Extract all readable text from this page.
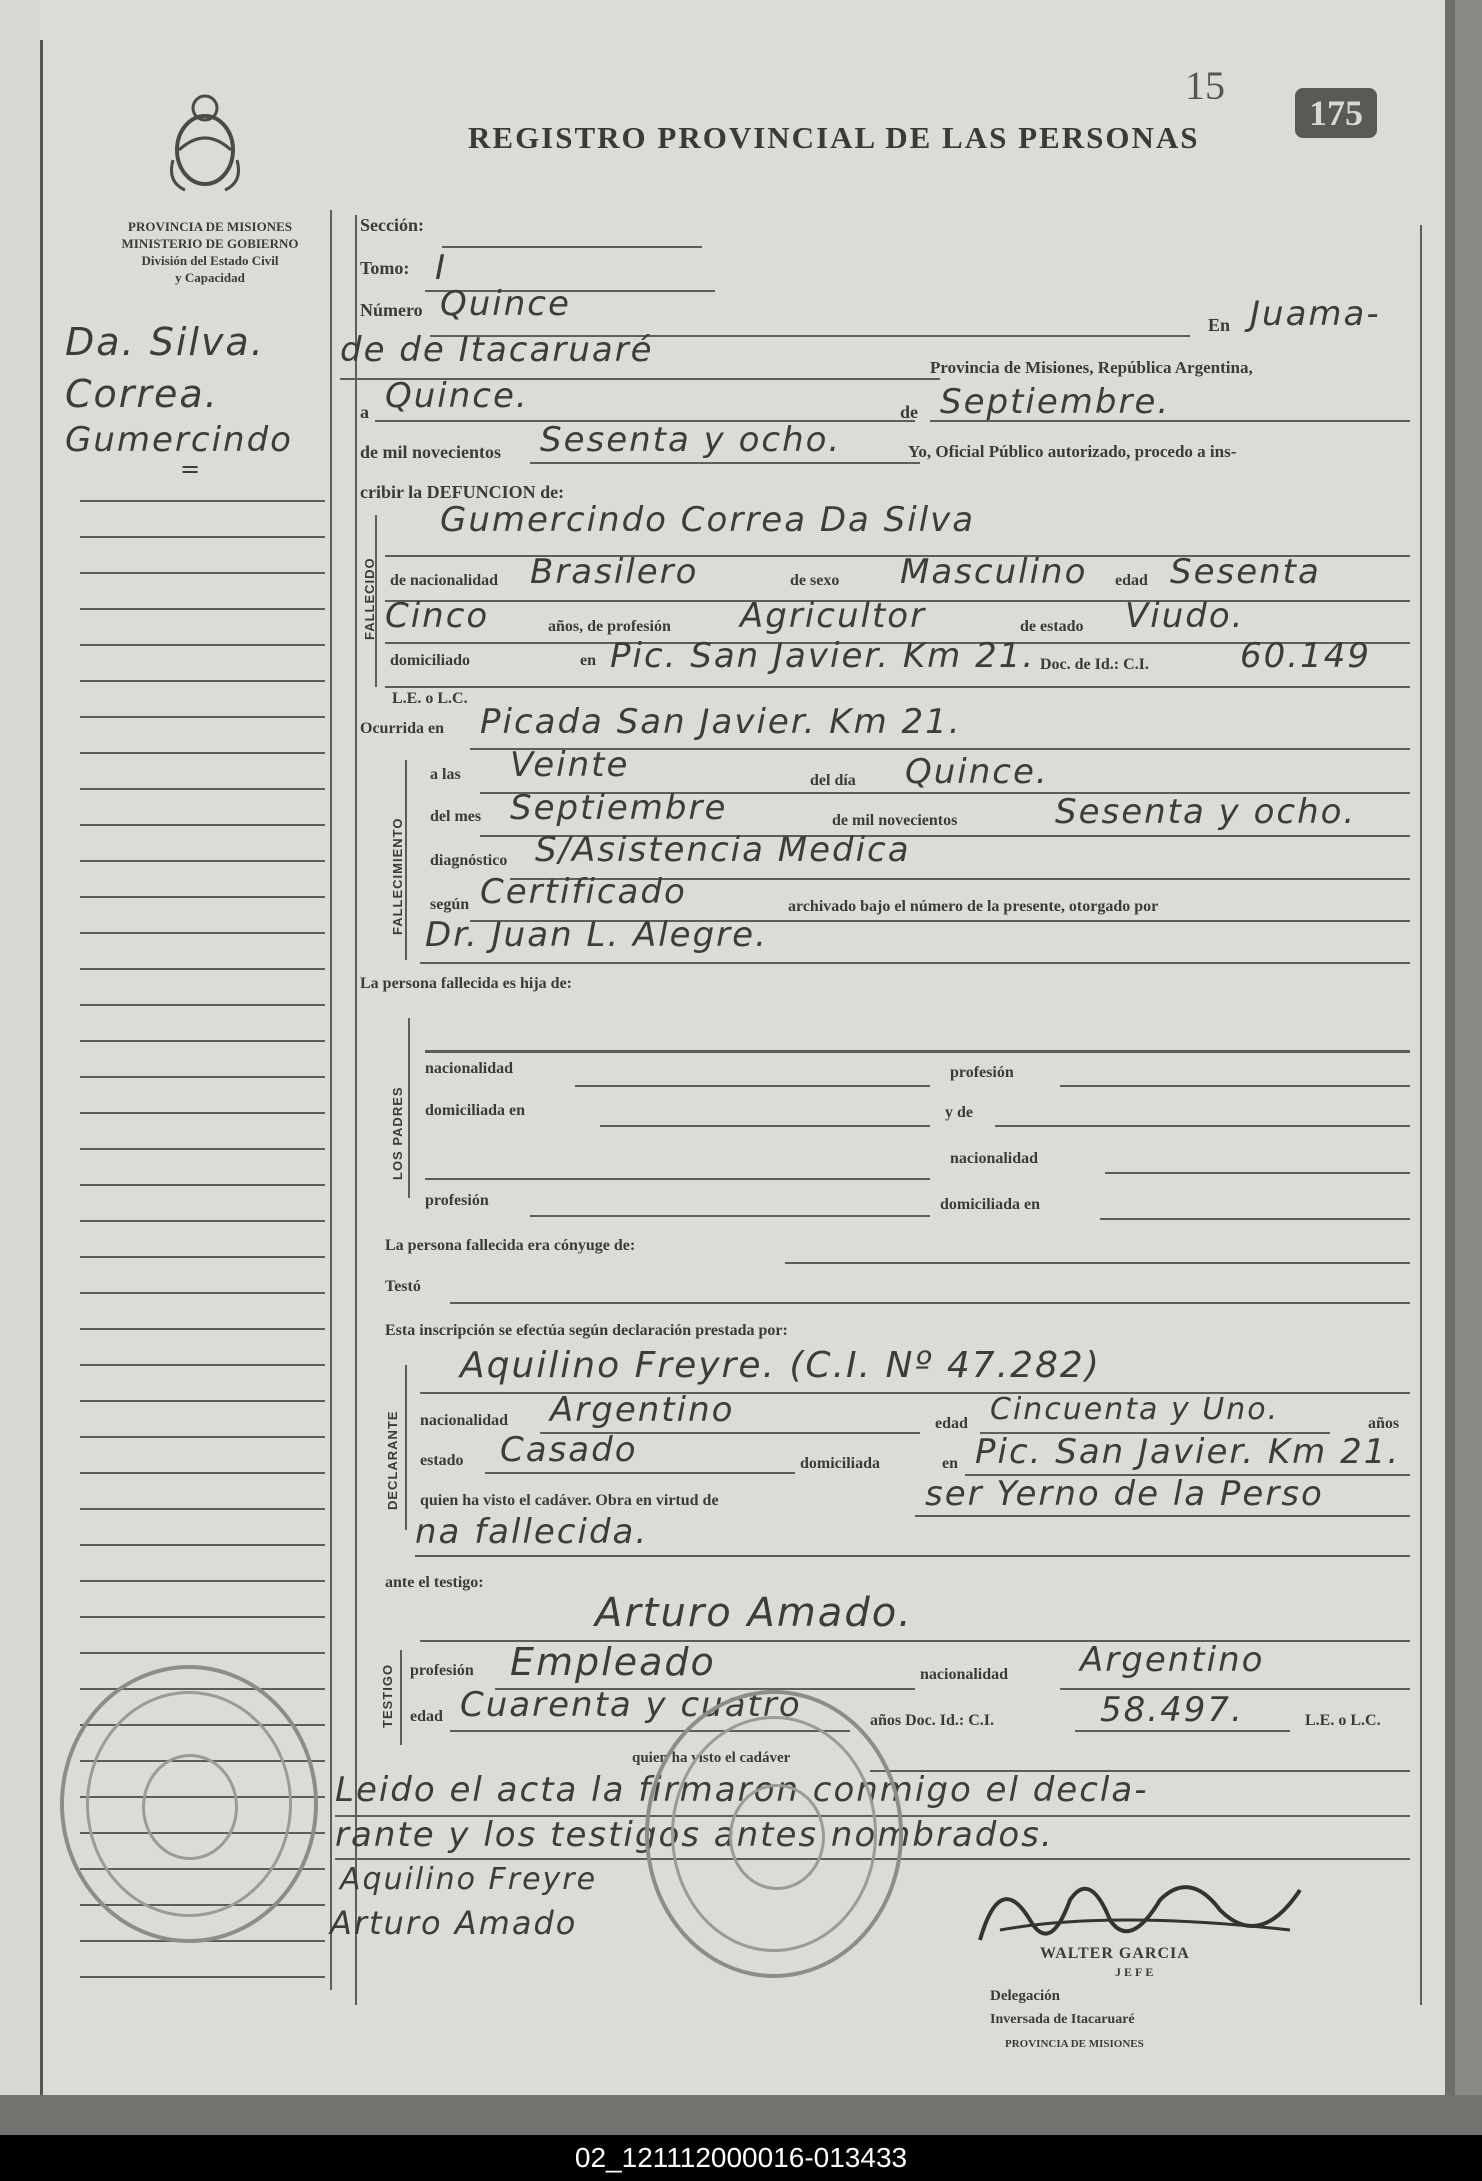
PROVINCIA DE MISIONES
MINISTERIO DE GOBIERNO
División del Estado Civil
y Capacidad
15
175
REGISTRO PROVINCIAL DE LAS PERSONAS
Da. Silva.
Correa.
Gumercindo
=
Sección:
Tomo: I
Número Quince
En Juama-
de de Itacaruaré	Provincia de Misiones, República Argentina,
a Quince.	de Septiembre.
de mil novecientos Sesenta y ocho.	Yo, Oficial Público autorizado, procedo a ins-
cribir la DEFUNCION de:
FALLECIDO
Gumercindo Correa Da Silva
de nacionalidad Brasilero	de sexo Masculino edad Sesenta
Cinco	años, de profesión Agricultor	de estado Viudo.
domiciliado	en Pic. San Javier. Km 21. Doc. de Id.: C.I.	60.149
L.E. o L.C.
FALLECIMIENTO
Ocurrida en Picada San Javier. Km 21.
a las Veinte	del día Quince.
del mes Septiembre	de mil novecientos	Sesenta y ocho.
diagnóstico S/Asistencia Medica
según Certificado	archivado bajo el número de la presente, otorgado por
Dr. Juan L. Alegre.
La persona fallecida es hija de:
LOS PADRES
nacionalidad	profesión
domiciliada en	y de
nacionalidad
profesión	domiciliada en
La persona fallecida era cónyuge de:
Testó
Esta inscripción se efectúa según declaración prestada por:
DECLARANTE
Aquilino Freyre. (C.I. Nº 47.282)
nacionalidad Argentino	edad Cincuenta y Uno.	años
estado Casado	domiciliada	en Pic. San Javier. Km 21.
quien ha visto el cadáver. Obra en virtud de	ser Yerno de la Perso
na fallecida.
ante el testigo:
Arturo Amado.
TESTIGO profesión Empleado	nacionalidad Argentino
edad Cuarenta y cuatro	años Doc. Id.: C.I.	58.497.	L.E. o L.C.
quien ha visto el cadáver
Leido el acta la firmaron conmigo el decla-
rante y los testigos antes nombrados.
Aquilino Freyre
Arturo Amado
WALTER GARCIA
JEFE
Delegación
Inversada de Itacaruaré
PROVINCIA DE MISIONES
02_121112000016-013433
